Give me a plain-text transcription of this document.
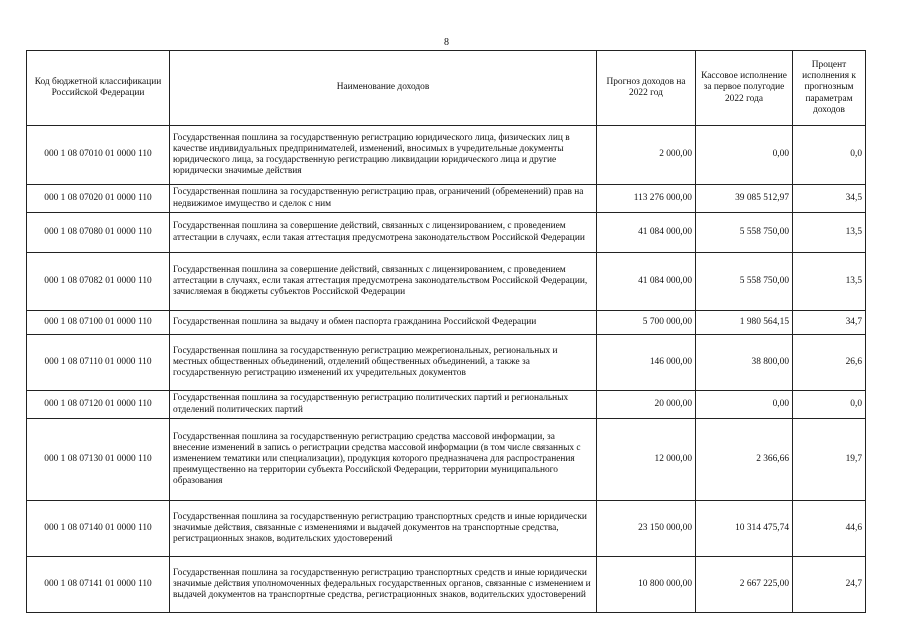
8
Код бюджетной классификации Российской Федерации	Наименование доходов	Прогноз доходов на 2022 год	Кассовое исполнение за первое полугодие 2022 года	Процент исполнения к прогнозным параметрам доходов
000 1 08 07010 01 0000 110	Государственная пошлина за государственную регистрацию юридического лица, физических лиц в качестве индивидуальных предпринимателей, изменений, вносимых в учредительные документы юридического лица, за государственную регистрацию ликвидации юридического лица и другие юридически значимые действия	2 000,00	0,00	0,0
000 1 08 07020 01 0000 110	Государственная пошлина за государственную регистрацию прав, ограничений (обременений) прав на недвижимое имущество и сделок с ним	113 276 000,00	39 085 512,97	34,5
000 1 08 07080 01 0000 110	Государственная пошлина за совершение действий, связанных с лицензированием, с проведением аттестации в случаях, если такая аттестация предусмотрена законодательством Российской Федерации	41 084 000,00	5 558 750,00	13,5
000 1 08 07082 01 0000 110	Государственная пошлина за совершение действий, связанных с лицензированием, с проведением аттестации в случаях, если такая аттестация предусмотрена законодательством Российской Федерации, зачисляемая в бюджеты субъектов Российской Федерации	41 084 000,00	5 558 750,00	13,5
000 1 08 07100 01 0000 110	Государственная пошлина за выдачу и обмен паспорта гражданина Российской Федерации	5 700 000,00	1 980 564,15	34,7
000 1 08 07110 01 0000 110	Государственная пошлина за государственную регистрацию межрегиональных, региональных и местных общественных объединений, отделений общественных объединений, а также за государственную регистрацию изменений их учредительных документов	146 000,00	38 800,00	26,6
000 1 08 07120 01 0000 110	Государственная пошлина за государственную регистрацию политических партий и региональных отделений политических партий	20 000,00	0,00	0,0
000 1 08 07130 01 0000 110	Государственная пошлина за государственную регистрацию средства массовой информации, за внесение изменений в запись о регистрации средства массовой информации (в том числе связанных с изменением тематики или специализации), продукция которого предназначена для распространения преимущественно на территории субъекта Российской Федерации, территории муниципального образования	12 000,00	2 366,66	19,7
000 1 08 07140 01 0000 110	Государственная пошлина за государственную регистрацию транспортных средств и иные юридически значимые действия, связанные с изменениями и выдачей документов на транспортные средства, регистрационных знаков, водительских удостоверений	23 150 000,00	10 314 475,74	44,6
000 1 08 07141 01 0000 110	Государственная пошлина за государственную регистрацию транспортных средств и иные юридически значимые действия уполномоченных федеральных государственных органов, связанные с изменением и выдачей документов на транспортные средства, регистрационных знаков, водительских удостоверений	10 800 000,00	2 667 225,00	24,7
